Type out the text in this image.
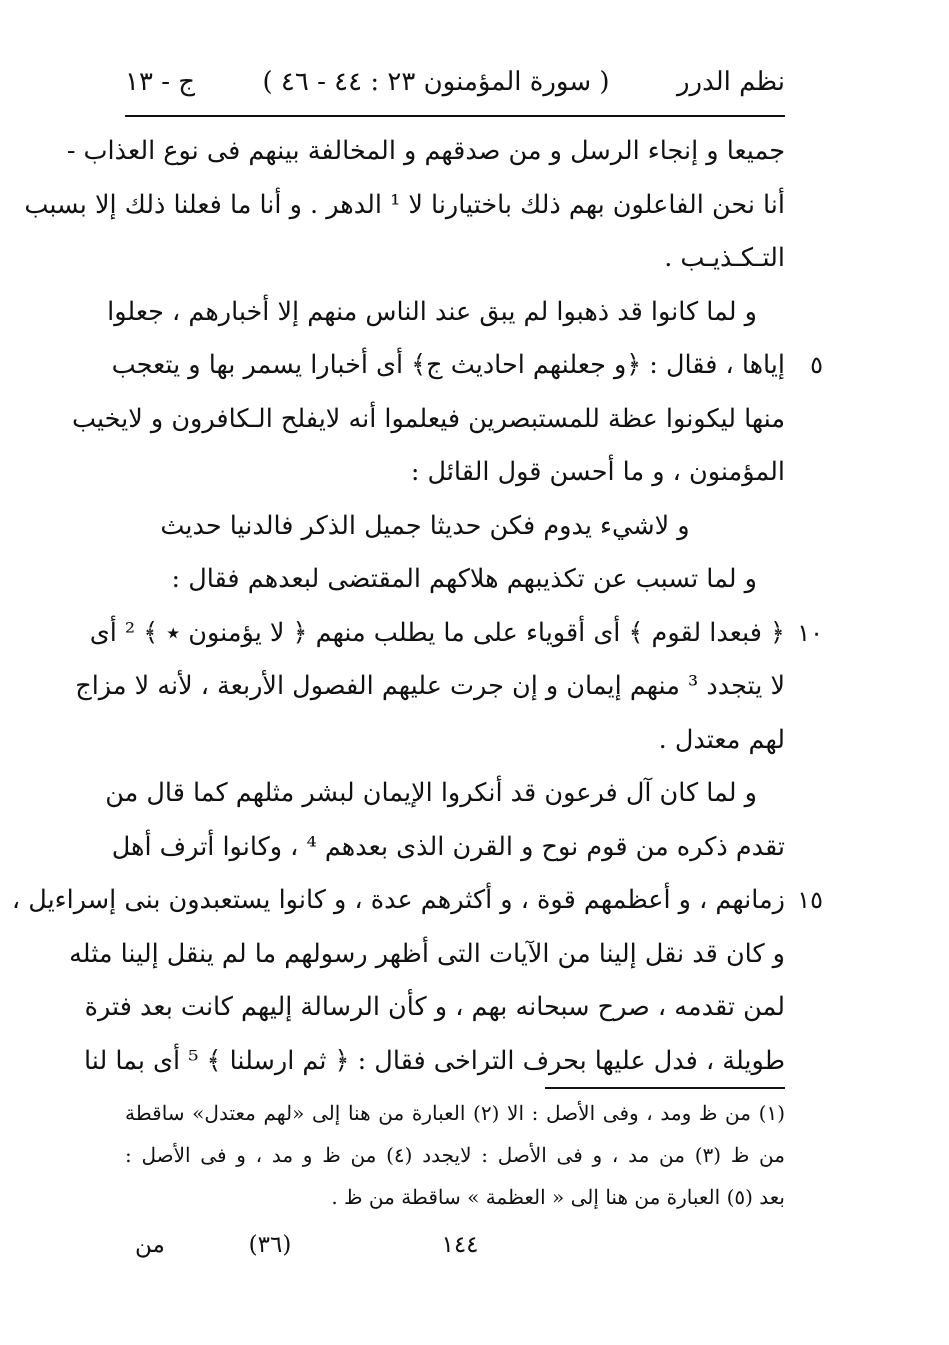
نظم الدرر
( سورة المؤمنون ٢٣ : ٤٤ - ٤٦ )
ج - ١٣
جميعا و إنجاء الرسل و من صدقهم و المخالفة بينهم فى نوع العذاب -
أنا نحن الفاعلون بهم ذلك باختيارنا لا ¹ الدهر . و أنا ما فعلنا ذلك إلا بسبب
التـكـذيـب .
و لما كانوا قد ذهبوا لم يبق عند الناس منهم إلا أخبارهم ، جعلوا
٥
إياها ، فقال : ﴿و جعلنهم احاديث ج﴾ أى أخبارا يسمر بها و يتعجب
منها ليكونوا عظة للمستبصرين فيعلموا أنه لايفلح الـكافرون و لايخيب
المؤمنون ، و ما أحسن قول القائل :
و لاشيء يدوم فكن حديثا جميل الذكر فالدنيا حديث
و لما تسبب عن تكذيبهم هلاكهم المقتضى لبعدهم فقال :
١٠
﴿ فبعدا لقوم ﴾ أى أقوياء على ما يطلب منهم ﴿ لا يؤمنون ٭ ﴾ ² أى
لا يتجدد ³ منهم إيمان و إن جرت عليهم الفصول الأربعة ، لأنه لا مزاج
لهم معتدل .
و لما كان آل فرعون قد أنكروا الإيمان لبشر مثلهم كما قال من
تقدم ذكره من قوم نوح و القرن الذى بعدهم ⁴ ، وكانوا أترف أهل
١٥
زمانهم ، و أعظمهم قوة ، و أكثرهم عدة ، و كانوا يستعبدون بنى إسراءيل ،
و كان قد نقل إلينا من الآيات التى أظهر رسولهم ما لم ينقل إلينا مثله
لمن تقدمه ، صرح سبحانه بهم ، و كأن الرسالة إليهم كانت بعد فترة
طويلة ، فدل عليها بحرف التراخى فقال : ﴿ ثم ارسلنا ﴾ ⁵ أى بما لنا
(١) من ظ ومد ، وفى الأصل : الا (٢) العبارة من هنا إلى «لهم معتدل» ساقطة
من ظ (٣) من مد ، و فى الأصل : لايجدد (٤) من ظ و مد ، و فى الأصل :
بعد (٥) العبارة من هنا إلى « العظمة » ساقطة من ظ .
١٤٤
(٣٦)
من
